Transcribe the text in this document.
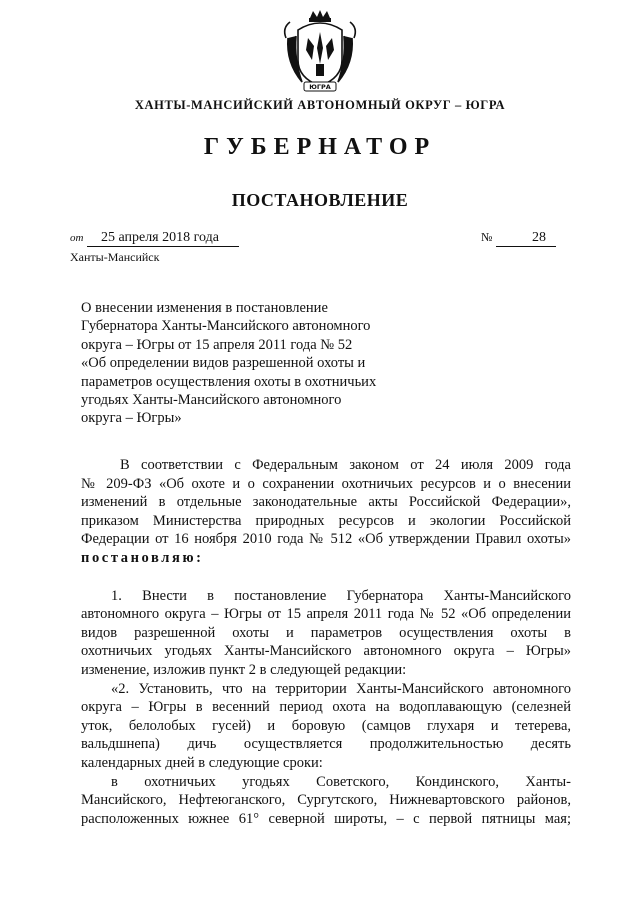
ЮГРА
ХАНТЫ-МАНСИЙСКИЙ АВТОНОМНЫЙ ОКРУГ – ЮГРА
ГУБЕРНАТОР
ПОСТАНОВЛЕНИЕ
от 25 апреля 2018 года	№	28
Ханты-Мансийск
О внесении изменения в постановление
Губернатора Ханты-Мансийского автономного
округа – Югры от 15 апреля 2011 года № 52
«Об определении видов разрешенной охоты и
параметров осуществления охоты в охотничьих
угодьях Ханты-Мансийского автономного
округа – Югры»
В соответствии с Федеральным законом от 24 июля 2009 года
№ 209-ФЗ «Об охоте и о сохранении охотничьих ресурсов и о внесении
изменений в отдельные законодательные акты Российской Федерации»,
приказом Министерства природных ресурсов и экологии Российской
Федерации от 16 ноября 2010 года № 512 «Об утверждении Правил охоты»
постановляю:
1. Внести в постановление Губернатора Ханты-Мансийского
автономного округа – Югры от 15 апреля 2011 года № 52 «Об определении
видов разрешенной охоты и параметров осуществления охоты в
охотничьих угодьях Ханты-Мансийского автономного округа – Югры»
изменение, изложив пункт 2 в следующей редакции:
«2. Установить, что на территории Ханты-Мансийского автономного
округа – Югры в весенний период охота на водоплавающую (селезней
уток, белолобых гусей) и боровую (самцов глухаря и тетерева,
вальдшнепа) дичь осуществляется продолжительностью десять
календарных дней в следующие сроки:
в охотничьих угодьях Советского, Кондинского, Ханты-
Мансийского, Нефтеюганского, Сургутского, Нижневартовского районов,
расположенных южнее 61° северной широты, – с первой пятницы мая;
